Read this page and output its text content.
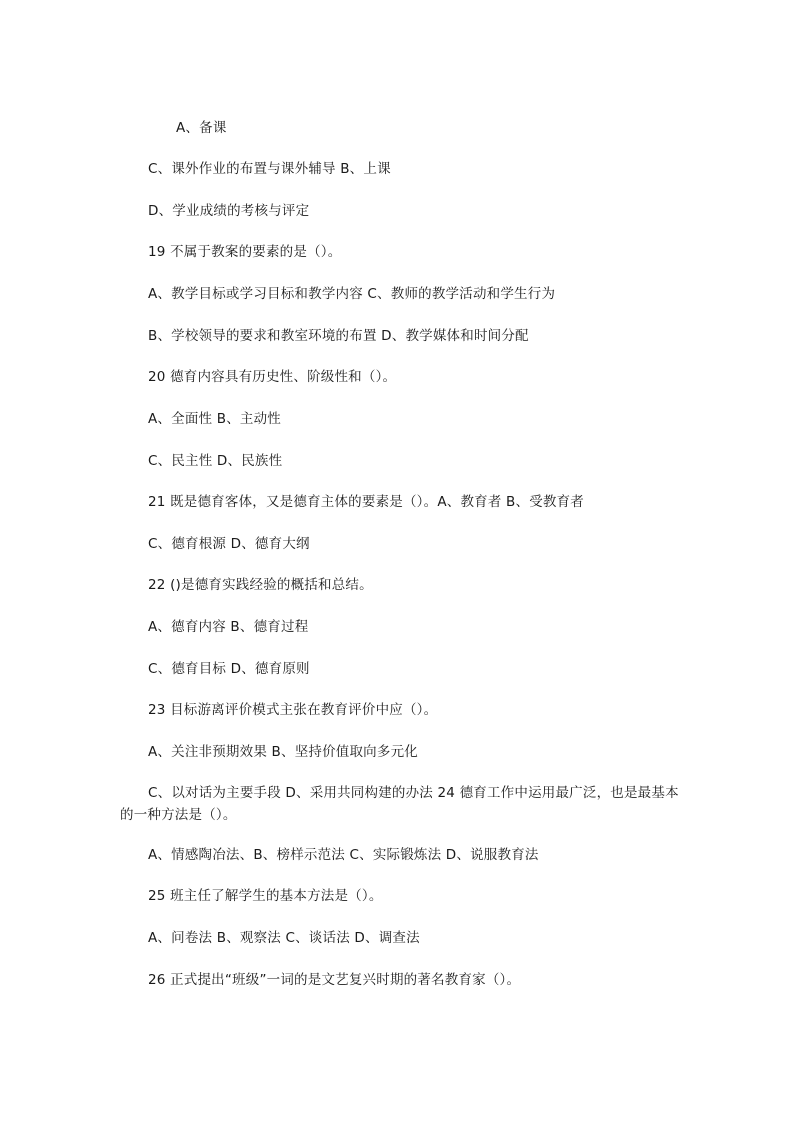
A、备课
C、课外作业的布置与课外辅导 B、上课
D、学业成绩的考核与评定
19 不属于教案的要素的是（）。
A、教学目标或学习目标和教学内容 C、教师的教学活动和学生行为
B、学校领导的要求和教室环境的布置 D、教学媒体和时间分配
20 德育内容具有历史性、阶级性和（）。
A、全面性 B、主动性
C、民主性 D、民族性
21 既是德育客体，又是德育主体的要素是（）。A、教育者 B、受教育者
C、德育根源 D、德育大纲
22 ()是德育实践经验的概括和总结。
A、德育内容 B、德育过程
C、德育目标 D、德育原则
23 目标游离评价模式主张在教育评价中应（）。
A、关注非预期效果 B、坚持价值取向多元化
C、以对话为主要手段 D、采用共同构建的办法 24 德育工作中运用最广泛，也是最基本的一种方法是（）。
A、情感陶冶法、B、榜样示范法 C、实际锻炼法 D、说服教育法
25 班主任了解学生的基本方法是（）。
A、问卷法 B、观察法 C、谈话法 D、调查法
26 正式提出“班级”一词的是文艺复兴时期的著名教育家（）。
